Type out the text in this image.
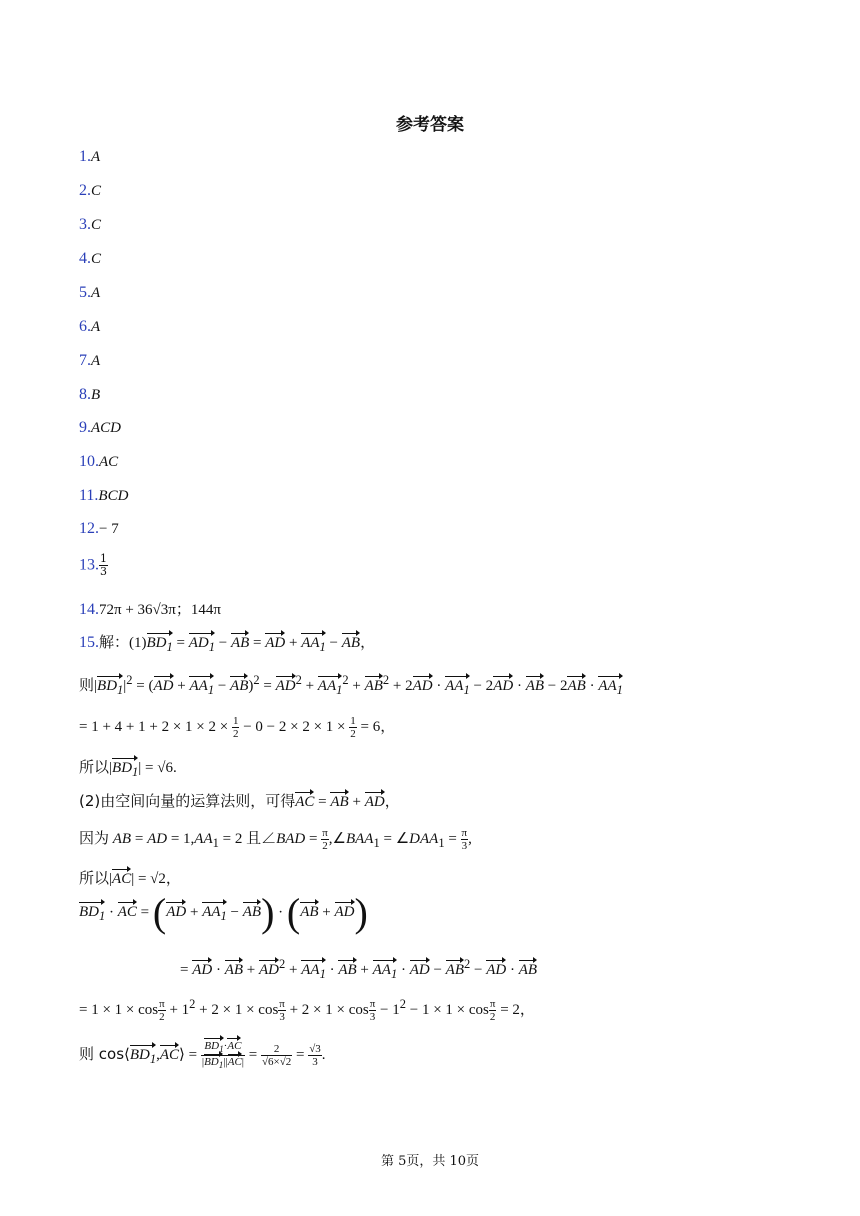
参考答案
1.A
2.C
3.C
4.C
5.A
6.A
7.A
8.B
9.ACD
10.AC
11.BCD
12.− 7
13. $\frac{1}{3}$
14.72π + 36√3π；144π
15.解：$(1)BD_1 = AD_1$ − AB = AD + $AA_1$ − AB，
则$|BD_1|^2 = (AD + AA_1 - AB)^2 = AD^2 + AA_1^2 + AB^2 + 2AD \cdot AA_1 - 2AD$ · AB − $2AB \cdot AA_1$
= $1 + 4 + 1 + 2 \times 1 \times 2 \times \frac{1}{2} - 0 - 2 \times 2 \times 1 \times \frac{1}{2} = 6$，
所以$|BD_1| = √6$.
(2)由空间向量的运算法则，可得AC = AB + AD，
因为 AB = AD = $1,AA_1 = 2$ 且∠BAD = $\frac{\pi}{2}$ $,\angle BAA_1$ = $\angle DAA_1 = \frac{\pi}{3}$ ,
所以|AC| = √2，
$BD_1$ · AC = $(AD + AA_1 - AB) \cdot (AB + AD)$
= AD · AB + $AD^2 + AA_1$ · AB + $AA_1$ · AD − $AB^2$ − AD · AB
= $1 \times 1 \times \cos \frac{\pi}{2} + 1^2 + 2 \times 1 \times \cos \frac{\pi}{3} + 2 \times 1 \times \cos \frac{\pi}{3} - 1^2 - 1 \times 1 \times \cos \frac{\pi}{2} = 2$，
则 $\cos⟨BD_1,AC⟩ = \frac{BD_1\cdot AC}{|BD_1||AC|} = \frac{2}{√6\times√2} = \frac{√3}{3}$ .
第 5页，共 10页
